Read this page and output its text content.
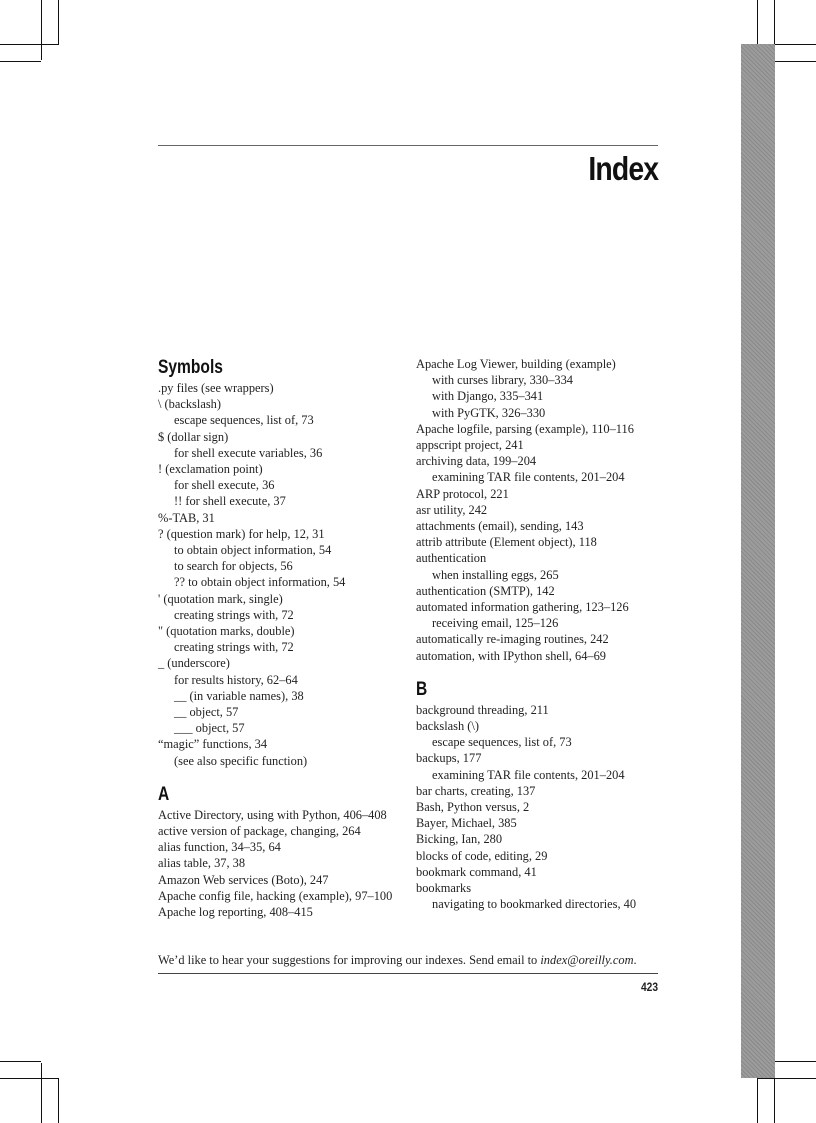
Index
Symbols
.py files (see wrappers)
\ (backslash)
escape sequences, list of, 73
$ (dollar sign)
for shell execute variables, 36
! (exclamation point)
for shell execute, 36
!! for shell execute, 37
%-TAB, 31
? (question mark) for help, 12, 31
to obtain object information, 54
to search for objects, 56
?? to obtain object information, 54
' (quotation mark, single)
creating strings with, 72
" (quotation marks, double)
creating strings with, 72
_ (underscore)
for results history, 62–64
__ (in variable names), 38
__ object, 57
___ object, 57
“magic” functions, 34
(see also specific function)
A
Active Directory, using with Python, 406–408
active version of package, changing, 264
alias function, 34–35, 64
alias table, 37, 38
Amazon Web services (Boto), 247
Apache config file, hacking (example), 97–100
Apache log reporting, 408–415
Apache Log Viewer, building (example)
with curses library, 330–334
with Django, 335–341
with PyGTK, 326–330
Apache logfile, parsing (example), 110–116
appscript project, 241
archiving data, 199–204
examining TAR file contents, 201–204
ARP protocol, 221
asr utility, 242
attachments (email), sending, 143
attrib attribute (Element object), 118
authentication
when installing eggs, 265
authentication (SMTP), 142
automated information gathering, 123–126
receiving email, 125–126
automatically re-imaging routines, 242
automation, with IPython shell, 64–69
B
background threading, 211
backslash (\)
escape sequences, list of, 73
backups, 177
examining TAR file contents, 201–204
bar charts, creating, 137
Bash, Python versus, 2
Bayer, Michael, 385
Bicking, Ian, 280
blocks of code, editing, 29
bookmark command, 41
bookmarks
navigating to bookmarked directories, 40
We’d like to hear your suggestions for improving our indexes. Send email to index@oreilly.com.
423
